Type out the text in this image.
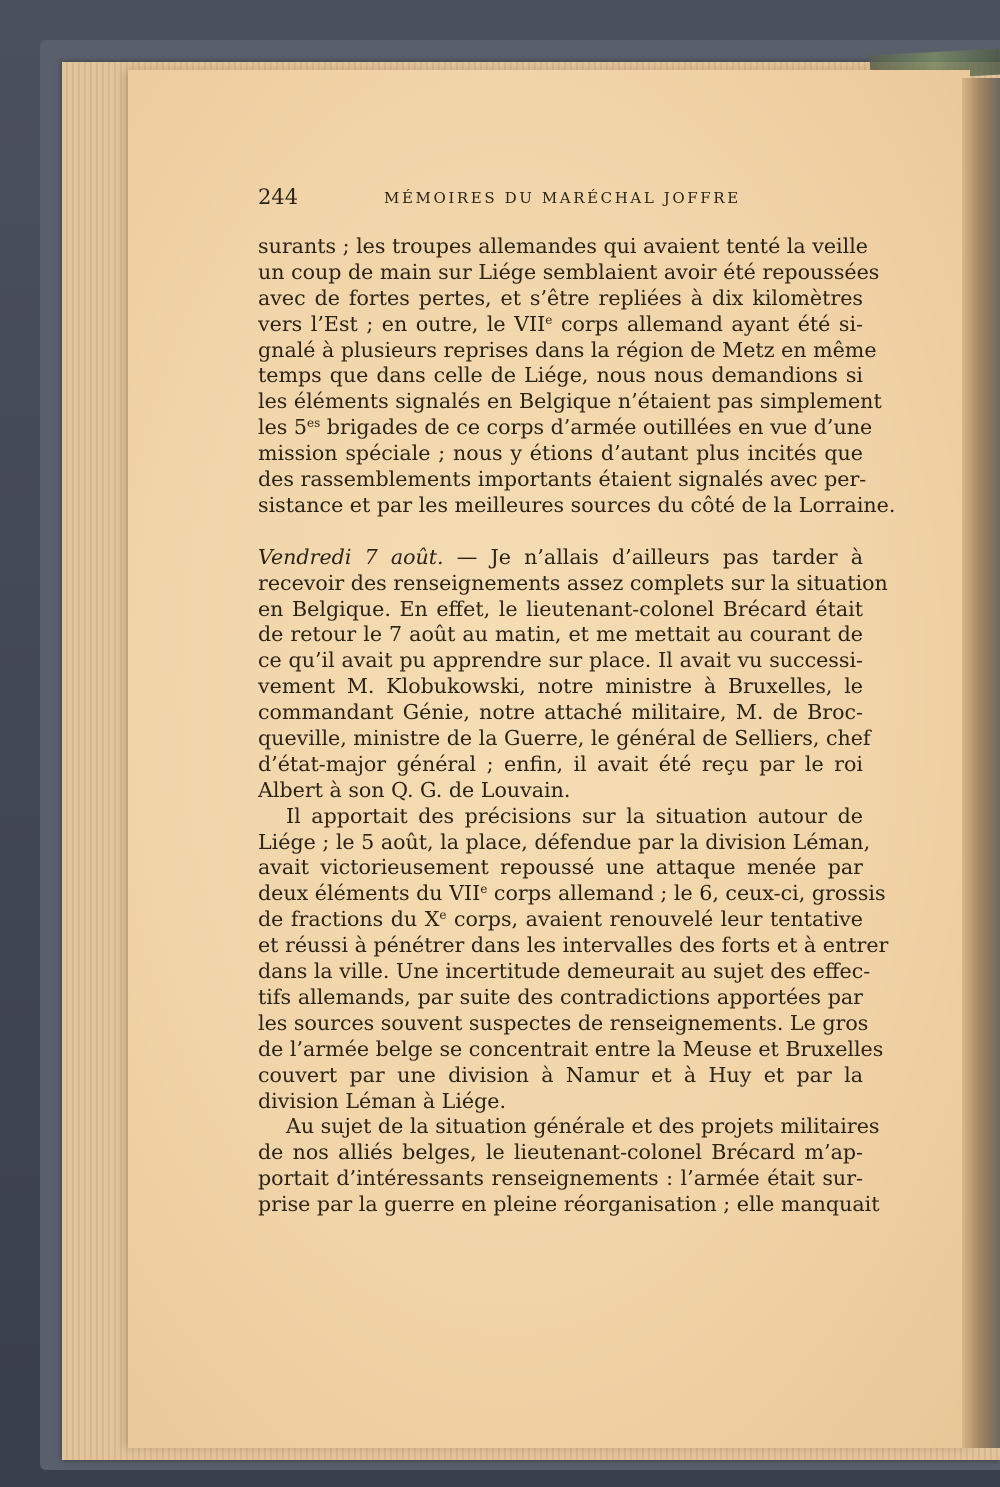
244	MÉMOIRES DU MARÉCHAL JOFFRE
surants ; les troupes allemandes qui avaient tenté la veille
un coup de main sur Liége semblaient avoir été repoussées
avec de fortes pertes, et s’être repliées à dix kilomètres
vers l’Est ; en outre, le VIIe corps allemand ayant été si-
gnalé à plusieurs reprises dans la région de Metz en même
temps que dans celle de Liége, nous nous demandions si
les éléments signalés en Belgique n’étaient pas simplement
les $5^{es}$ brigades de ce corps d’armée outillées en vue d’une
mission spéciale ; nous y étions d’autant plus incités que
des rassemblements importants étaient signalés avec per-
sistance et par les meilleures sources du côté de la Lorraine.
Vendredi 7 août. — Je n’allais d’ailleurs pas tarder à
recevoir des renseignements assez complets sur la situation
en Belgique. En effet, le lieutenant-colonel Brécard était
de retour le 7 août au matin, et me mettait au courant de
ce qu’il avait pu apprendre sur place. Il avait vu successi-
vement M. Klobukowski, notre ministre à Bruxelles, le
commandant Génie, notre attaché militaire, M. de Broc-
queville, ministre de la Guerre, le général de Selliers, chef
d’état-major général ; enfin, il avait été reçu par le roi
Albert à son Q. G. de Louvain.
Il apportait des précisions sur la situation autour de
Liége ; le 5 août, la place, défendue par la division Léman,
avait victorieusement repoussé une attaque menée par
deux éléments du VIIe corps allemand ; le 6, ceux-ci, grossis
de fractions du Xe corps, avaient renouvelé leur tentative
et réussi à pénétrer dans les intervalles des forts et à entrer
dans la ville. Une incertitude demeurait au sujet des effec-
tifs allemands, par suite des contradictions apportées par
les sources souvent suspectes de renseignements. Le gros
de l’armée belge se concentrait entre la Meuse et Bruxelles
couvert par une division à Namur et à Huy et par la
division Léman à Liége.
Au sujet de la situation générale et des projets militaires
de nos alliés belges, le lieutenant-colonel Brécard m’ap-
portait d’intéressants renseignements : l’armée était sur-
prise par la guerre en pleine réorganisation ; elle manquait
